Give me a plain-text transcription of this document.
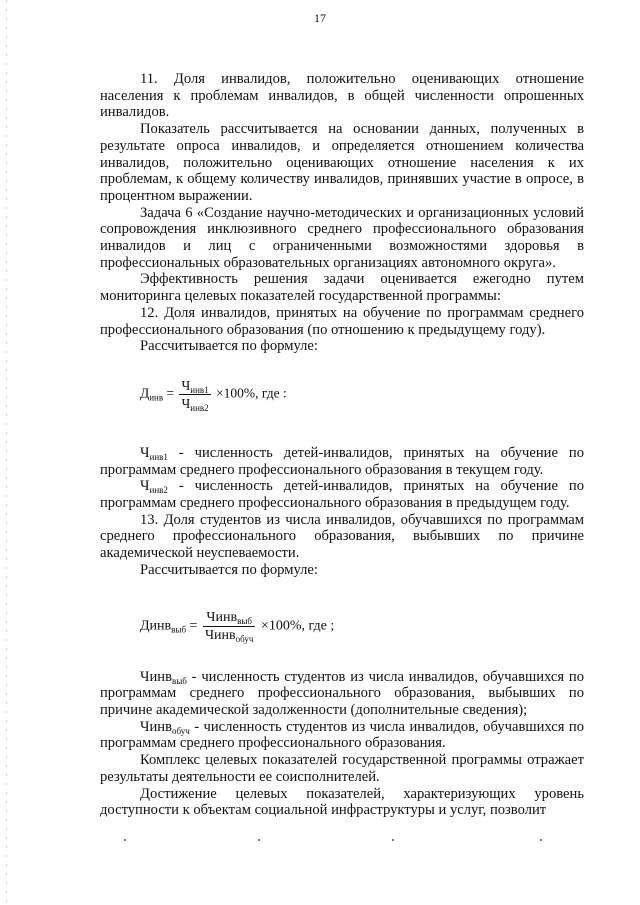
17

11. Доля инвалидов, положительно оценивающих отношение населения к проблемам инвалидов, в общей численности опрошенных инвалидов.

Показатель рассчитывается на основании данных, полученных в результате опроса инвалидов, и определяется отношением количества инвалидов, положительно оценивающих отношение населения к их проблемам, к общему количеству инвалидов, принявших участие в опросе, в процентном выражении.

Задача 6 «Создание научно-методических и организационных условий сопровождения инклюзивного среднего профессионального образования инвалидов и лиц с ограниченными возможностями здоровья в профессиональных образовательных организациях автономного округа».

Эффективность решения задачи оценивается ежегодно путем мониторинга целевых показателей государственной программы:

12. Доля инвалидов, принятых на обучение по программам среднего профессионального образования (по отношению к предыдущему году).

Рассчитывается по формуле:

$Д_{инв} = \frac{Ч_{инв1}}{Ч_{инв2}} \times 100\%$, где :

$Ч_{инв1}$ - численность детей-инвалидов, принятых на обучение по программам среднего профессионального образования в текущем году.

$Ч_{инв2}$ - численность детей-инвалидов, принятых на обучение по программам среднего профессионального образования в предыдущем году.

13. Доля студентов из числа инвалидов, обучавшихся по программам среднего профессионального образования, выбывших по причине академической неуспеваемости.

Рассчитывается по формуле:

Динв$_{выб}$ = $\frac{Чинв_{выб}}{Чинв_{обуч}} \times 100\%$, где ;

Чинв$_{выб}$ - численность студентов из числа инвалидов, обучавшихся по программам среднего профессионального образования, выбывших по причине академической задолженности (дополнительные сведения);

Чинв$_{обуч}$ - численность студентов из числа инвалидов, обучавшихся по программам среднего профессионального образования.

Комплекс целевых показателей государственной программы отражает результаты деятельности ее соисполнителей.

Достижение целевых показателей, характеризующих уровень доступности к объектам социальной инфраструктуры и услуг, позволит
